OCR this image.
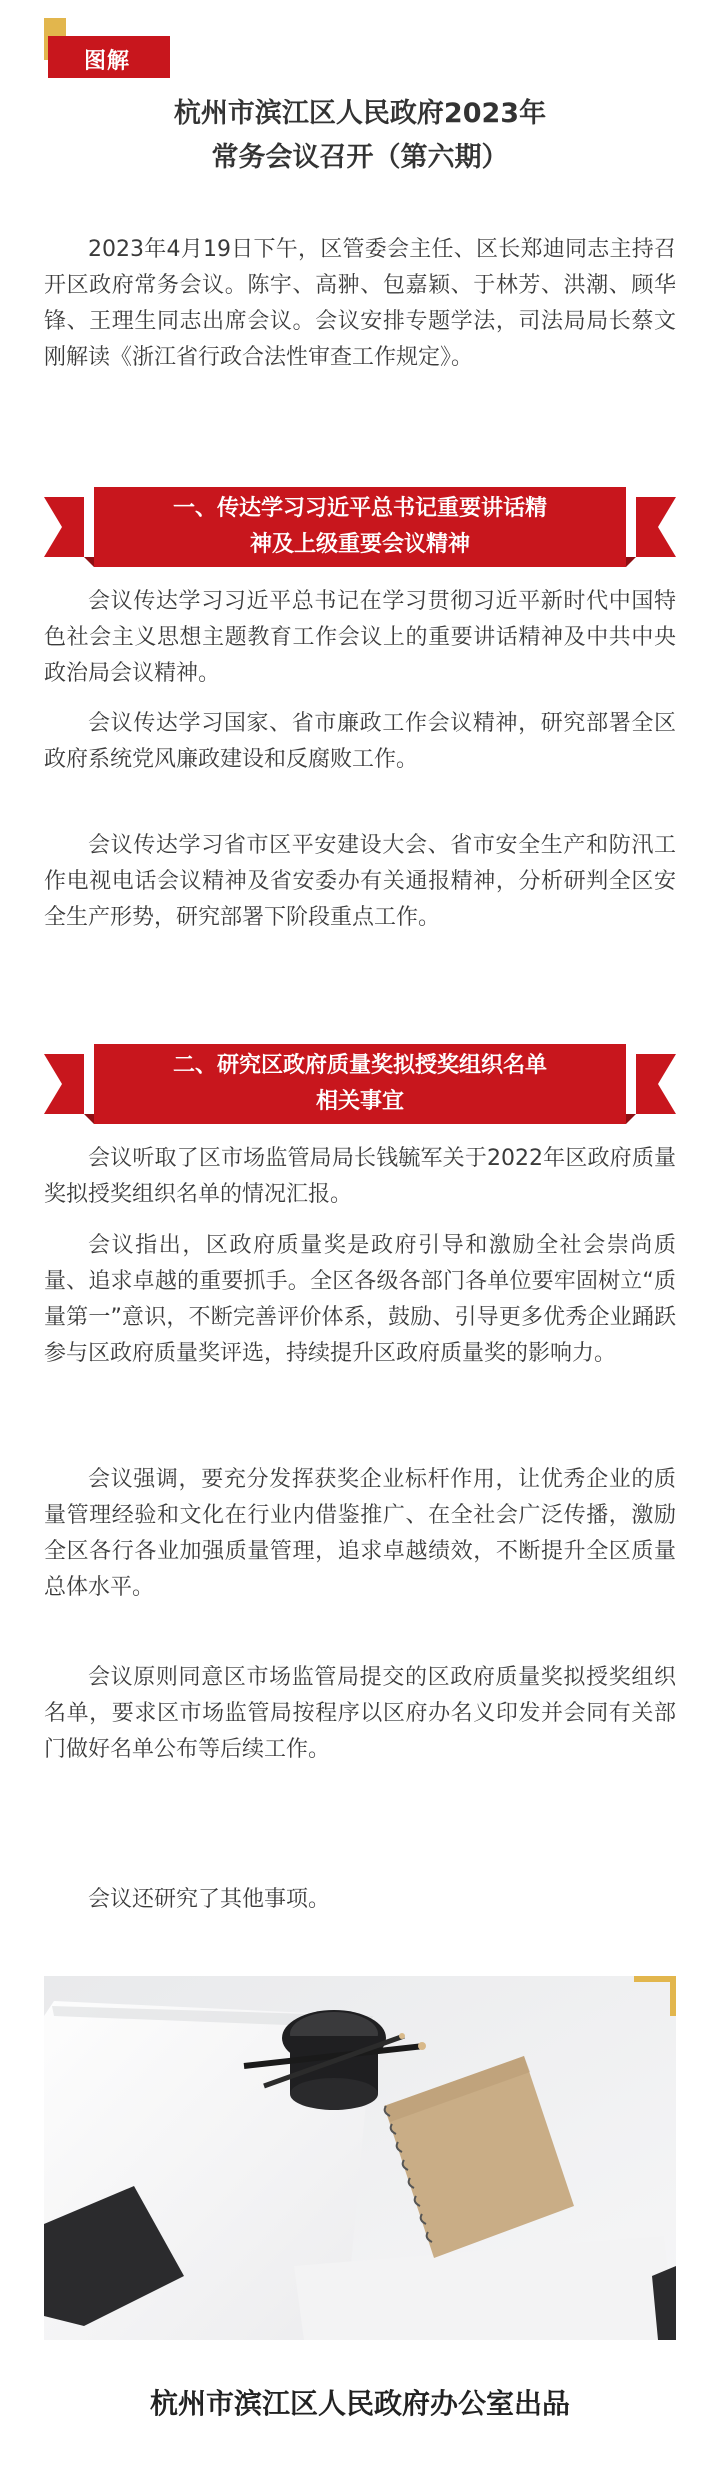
图解
杭州市滨江区人民政府2023年
常务会议召开（第六期）

2023年4月19日下午，区管委会主任、区长郑迪同志主持召开区政府常务会议。陈宇、高翀、包嘉颖、于林芳、洪潮、顾华锋、王理生同志出席会议。会议安排专题学法，司法局局长蔡文刚解读《浙江省行政合法性审查工作规定》。

一、传达学习习近平总书记重要讲话精
神及上级重要会议精神

会议传达学习习近平总书记在学习贯彻习近平新时代中国特色社会主义思想主题教育工作会议上的重要讲话精神及中共中央政治局会议精神。

会议传达学习国家、省市廉政工作会议精神，研究部署全区政府系统党风廉政建设和反腐败工作。

会议传达学习省市区平安建设大会、省市安全生产和防汛工作电视电话会议精神及省安委办有关通报精神，分析研判全区安全生产形势，研究部署下阶段重点工作。

二、研究区政府质量奖拟授奖组织名单
相关事宜

会议听取了区市场监管局局长钱毓军关于2022年区政府质量奖拟授奖组织名单的情况汇报。

会议指出，区政府质量奖是政府引导和激励全社会崇尚质量、追求卓越的重要抓手。全区各级各部门各单位要牢固树立“质量第一”意识，不断完善评价体系，鼓励、引导更多优秀企业踊跃参与区政府质量奖评选，持续提升区政府质量奖的影响力。

会议强调，要充分发挥获奖企业标杆作用，让优秀企业的质量管理经验和文化在行业内借鉴推广、在全社会广泛传播，激励全区各行各业加强质量管理，追求卓越绩效，不断提升全区质量总体水平。

会议原则同意区市场监管局提交的区政府质量奖拟授奖组织名单，要求区市场监管局按程序以区府办名义印发并会同有关部门做好名单公布等后续工作。

会议还研究了其他事项。

杭州市滨江区人民政府办公室出品
